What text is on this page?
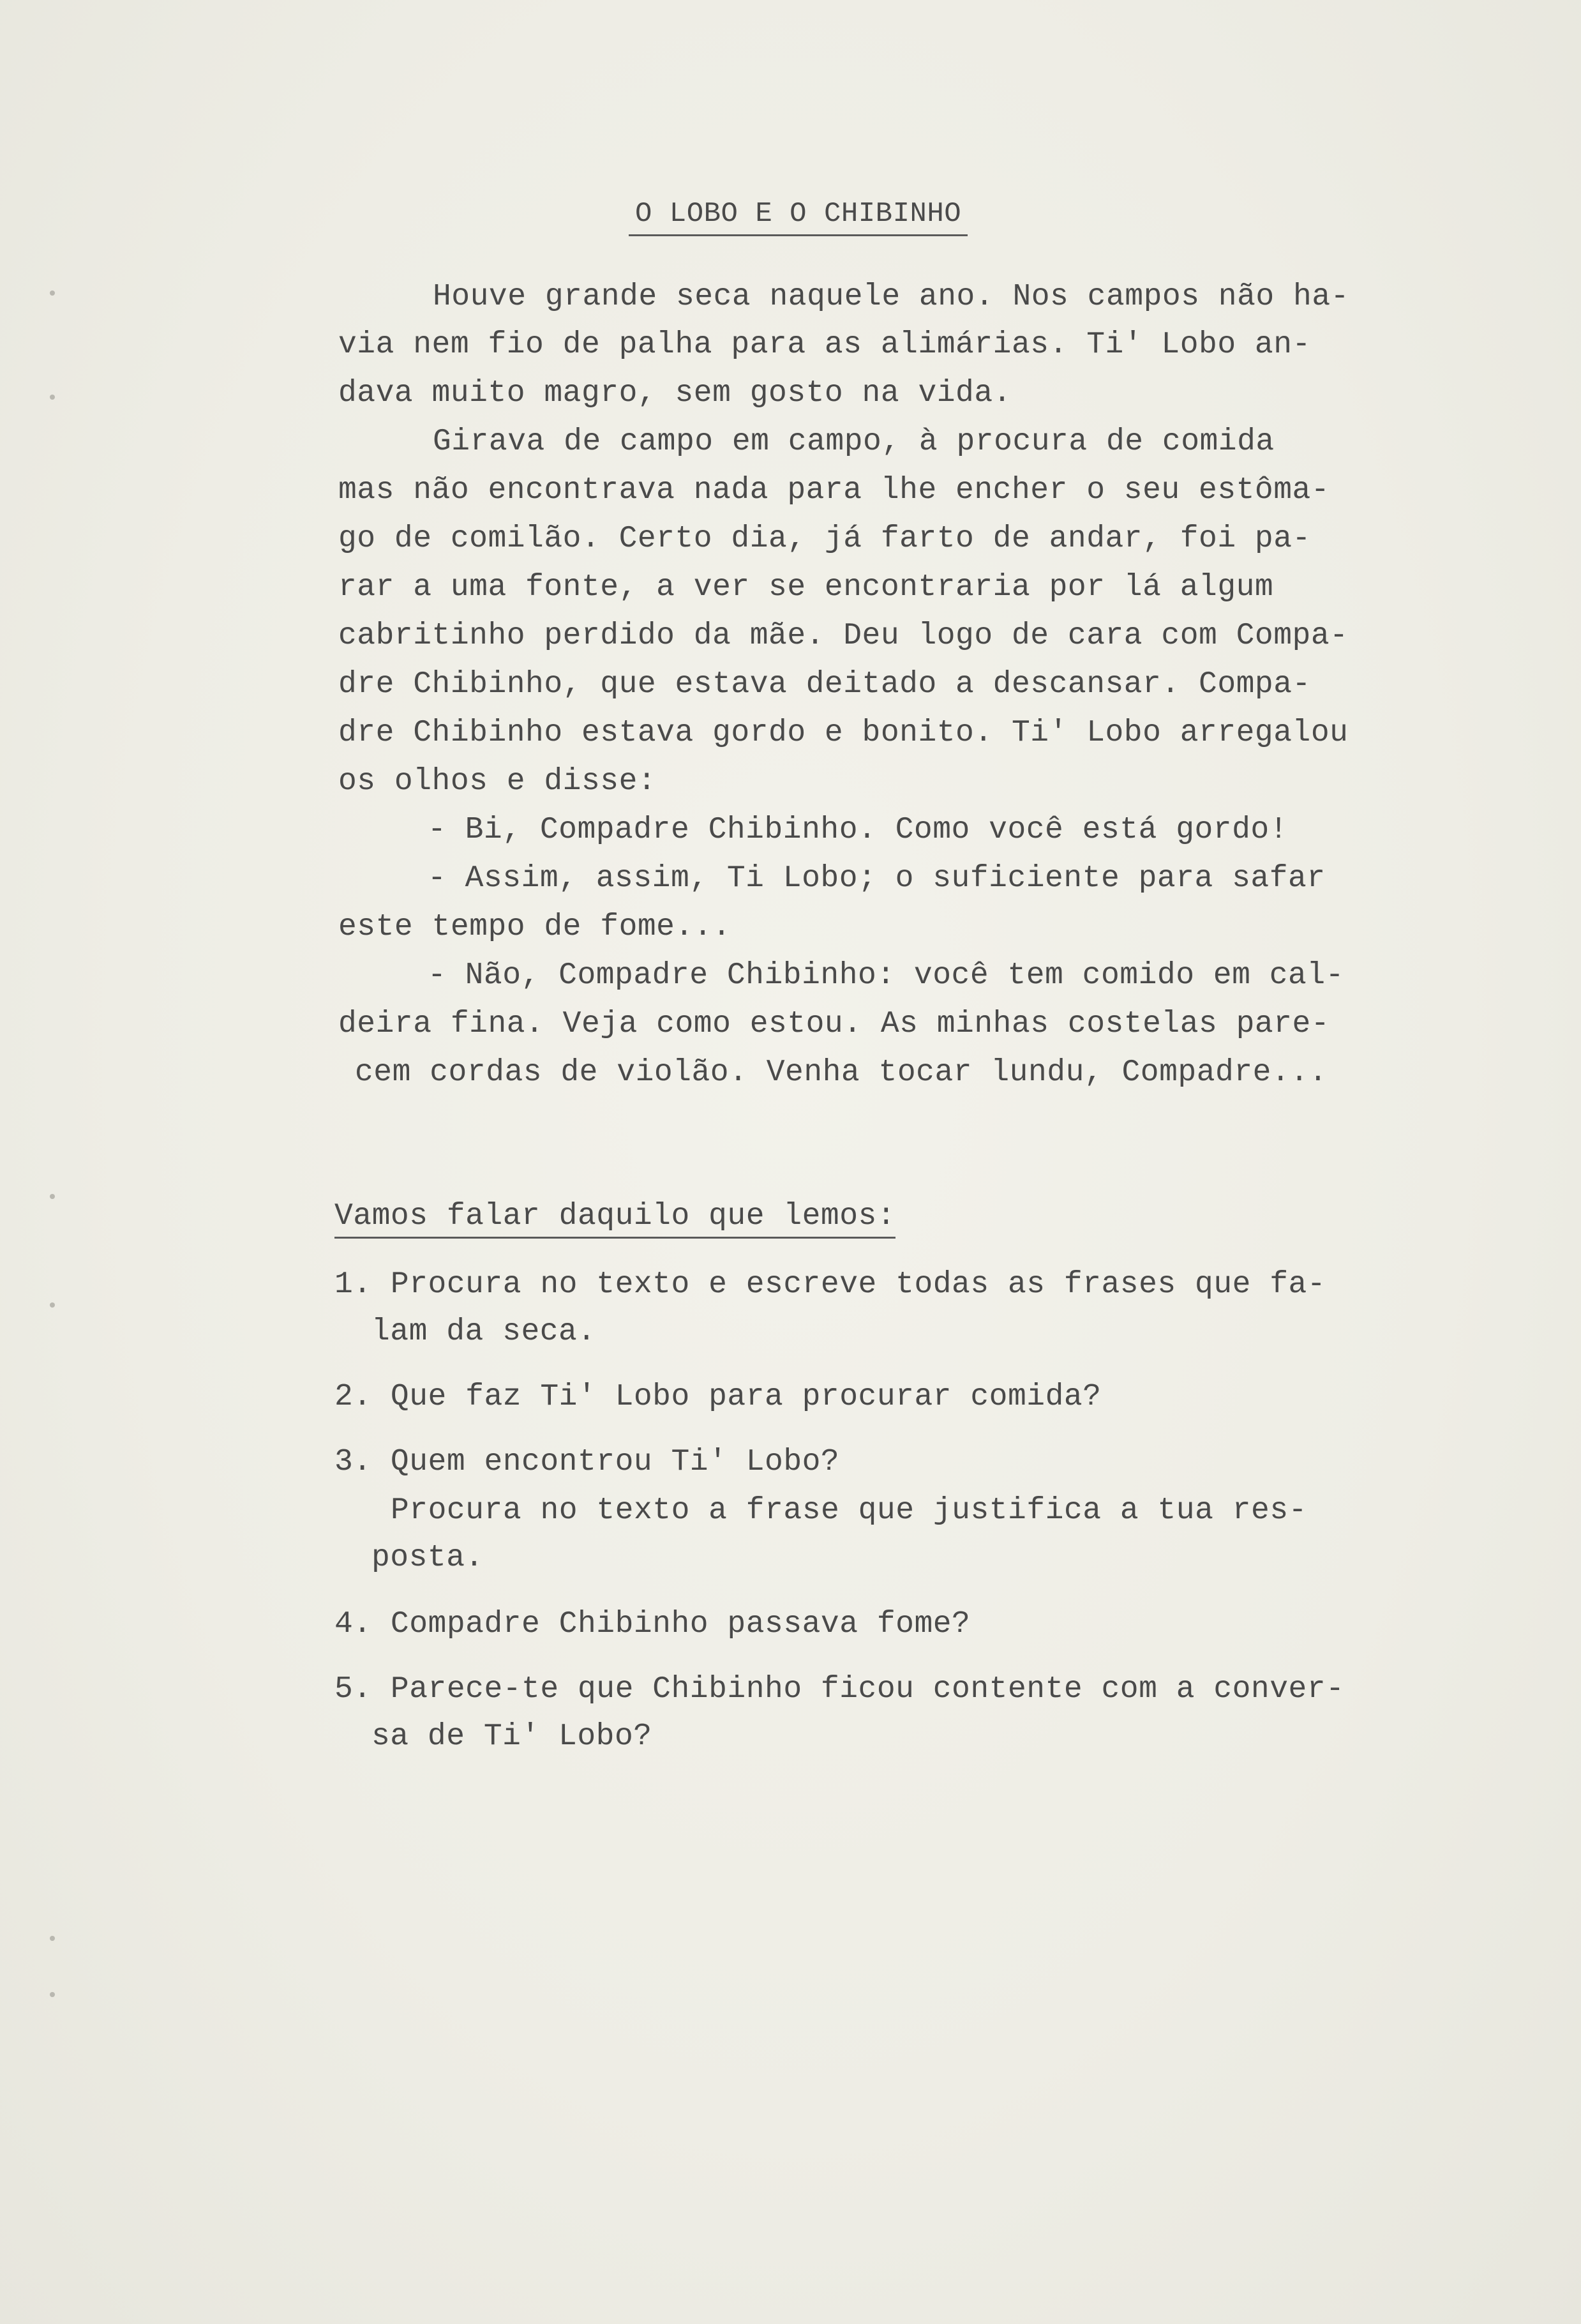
O LOBO E O CHIBINHO
Houve grande seca naquele ano. Nos campos não ha-
via nem fio de palha para as alimárias. Ti' Lobo an-
dava muito magro, sem gosto na vida.
Girava de campo em campo, à procura de comida
mas não encontrava nada para lhe encher o seu estôma-
go de comilão. Certo dia, já farto de andar, foi pa-
rar a uma fonte, a ver se encontraria por lá algum
cabritinho perdido da mãe. Deu logo de cara com Compa-
dre Chibinho, que estava deitado a descansar. Compa-
dre Chibinho estava gordo e bonito. Ti' Lobo arregalou
os olhos e disse:
- Bi, Compadre Chibinho. Como você está gordo!
- Assim, assim, Ti Lobo; o suficiente para safar
este tempo de fome...
- Não, Compadre Chibinho: você tem comido em cal-
deira fina. Veja como estou. As minhas costelas pare-
cem cordas de violão. Venha tocar lundu, Compadre...
Vamos falar daquilo que lemos:
1. Procura no texto e escreve todas as frases que fa-
lam da seca.
2. Que faz Ti' Lobo para procurar comida?
3. Quem encontrou Ti' Lobo?
Procura no texto a frase que justifica a tua res-
posta.
4. Compadre Chibinho passava fome?
5. Parece-te que Chibinho ficou contente com a conver-
sa de Ti' Lobo?
